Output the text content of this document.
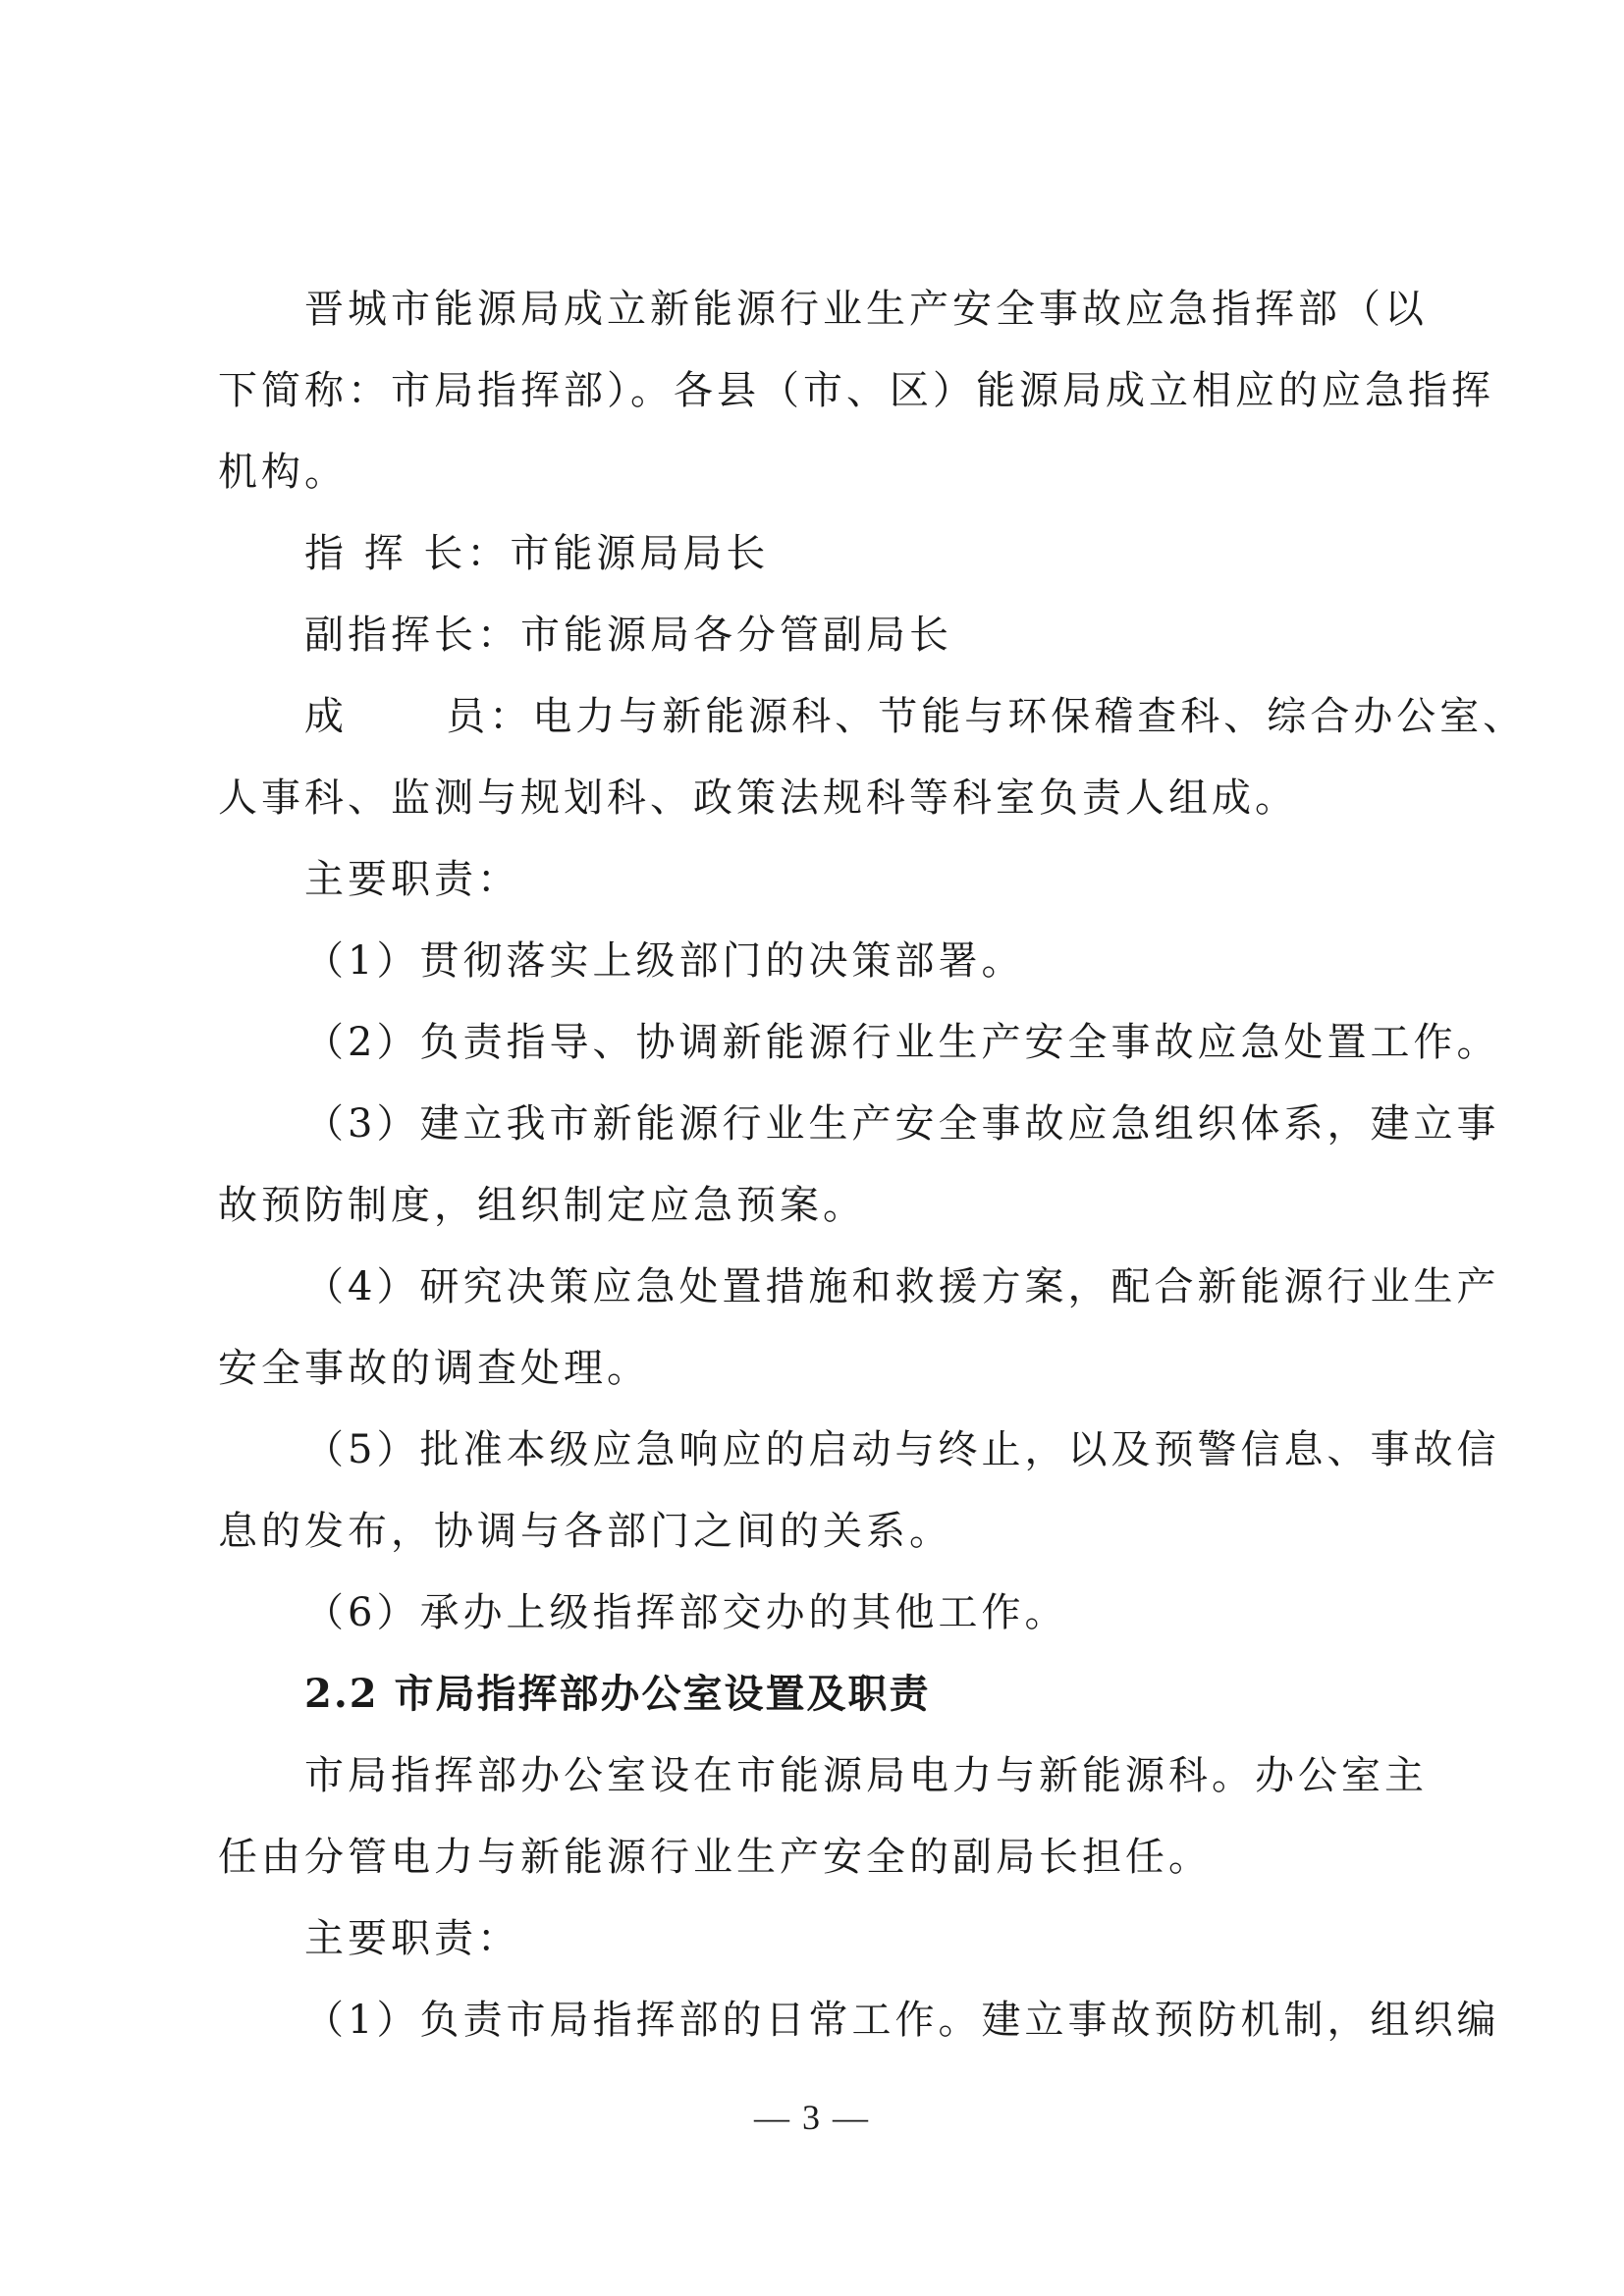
晋城市能源局成立新能源行业生产安全事故应急指挥部（以
下简称：市局指挥部）。各县（市、区）能源局成立相应的应急指挥
机构。
指 挥 长：市能源局局长
副指挥长：市能源局各分管副局长
成      员：电力与新能源科、节能与环保稽查科、综合办公室、
人事科、监测与规划科、政策法规科等科室负责人组成。
主要职责：
（1）贯彻落实上级部门的决策部署。
（2）负责指导、协调新能源行业生产安全事故应急处置工作。
（3）建立我市新能源行业生产安全事故应急组织体系，建立事
故预防制度，组织制定应急预案。
（4）研究决策应急处置措施和救援方案，配合新能源行业生产
安全事故的调查处理。
（5）批准本级应急响应的启动与终止，以及预警信息、事故信
息的发布，协调与各部门之间的关系。
（6）承办上级指挥部交办的其他工作。
2.2 市局指挥部办公室设置及职责
市局指挥部办公室设在市能源局电力与新能源科。办公室主
任由分管电力与新能源行业生产安全的副局长担任。
主要职责：
（1）负责市局指挥部的日常工作。建立事故预防机制，组织编
— 3 —
